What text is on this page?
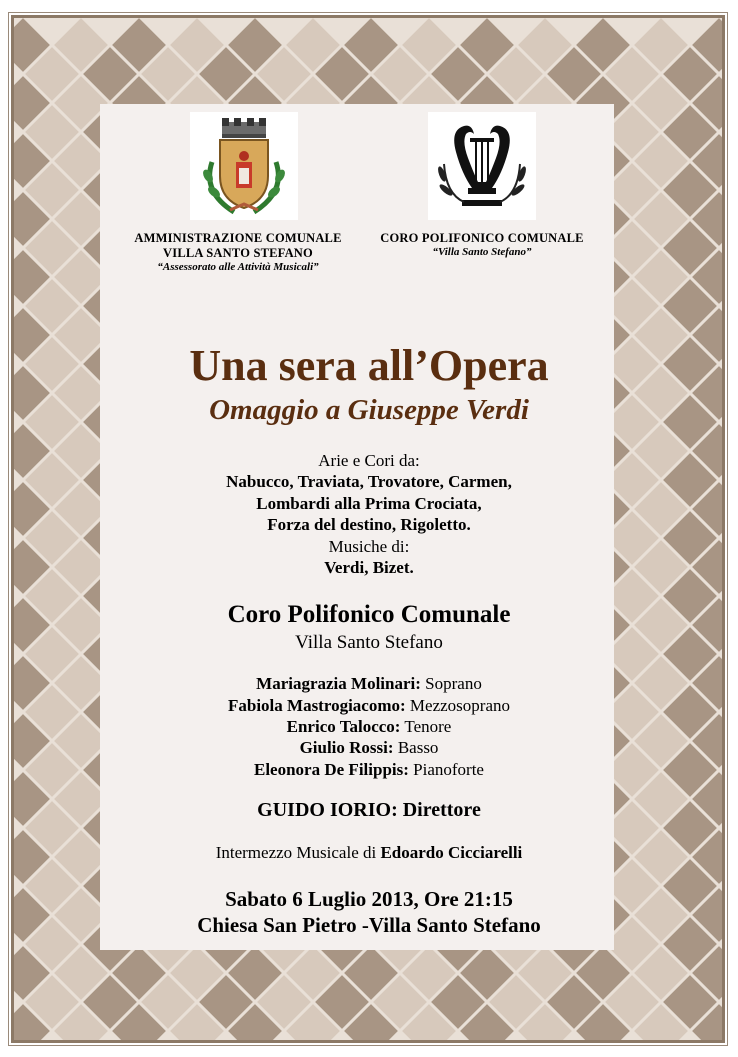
AMMINISTRAZIONE COMUNALE
VILLA SANTO STEFANO
“Assessorato alle Attività Musicali”
CORO POLIFONICO COMUNALE
“Villa Santo Stefano”
Una sera all’Opera
Omaggio a Giuseppe Verdi
Arie e Cori da:
Nabucco, Traviata, Trovatore, Carmen,
Lombardi alla Prima Crociata,
Forza del destino, Rigoletto.
Musiche di:
Verdi, Bizet.
Coro Polifonico Comunale
Villa Santo Stefano
Mariagrazia Molinari: Soprano
Fabiola Mastrogiacomo: Mezzosoprano
Enrico Talocco: Tenore
Giulio Rossi: Basso
Eleonora De Filippis: Pianoforte
GUIDO IORIO: Direttore
Intermezzo Musicale di Edoardo Cicciarelli
Sabato 6 Luglio 2013, Ore 21:15
Chiesa San Pietro -Villa Santo Stefano
